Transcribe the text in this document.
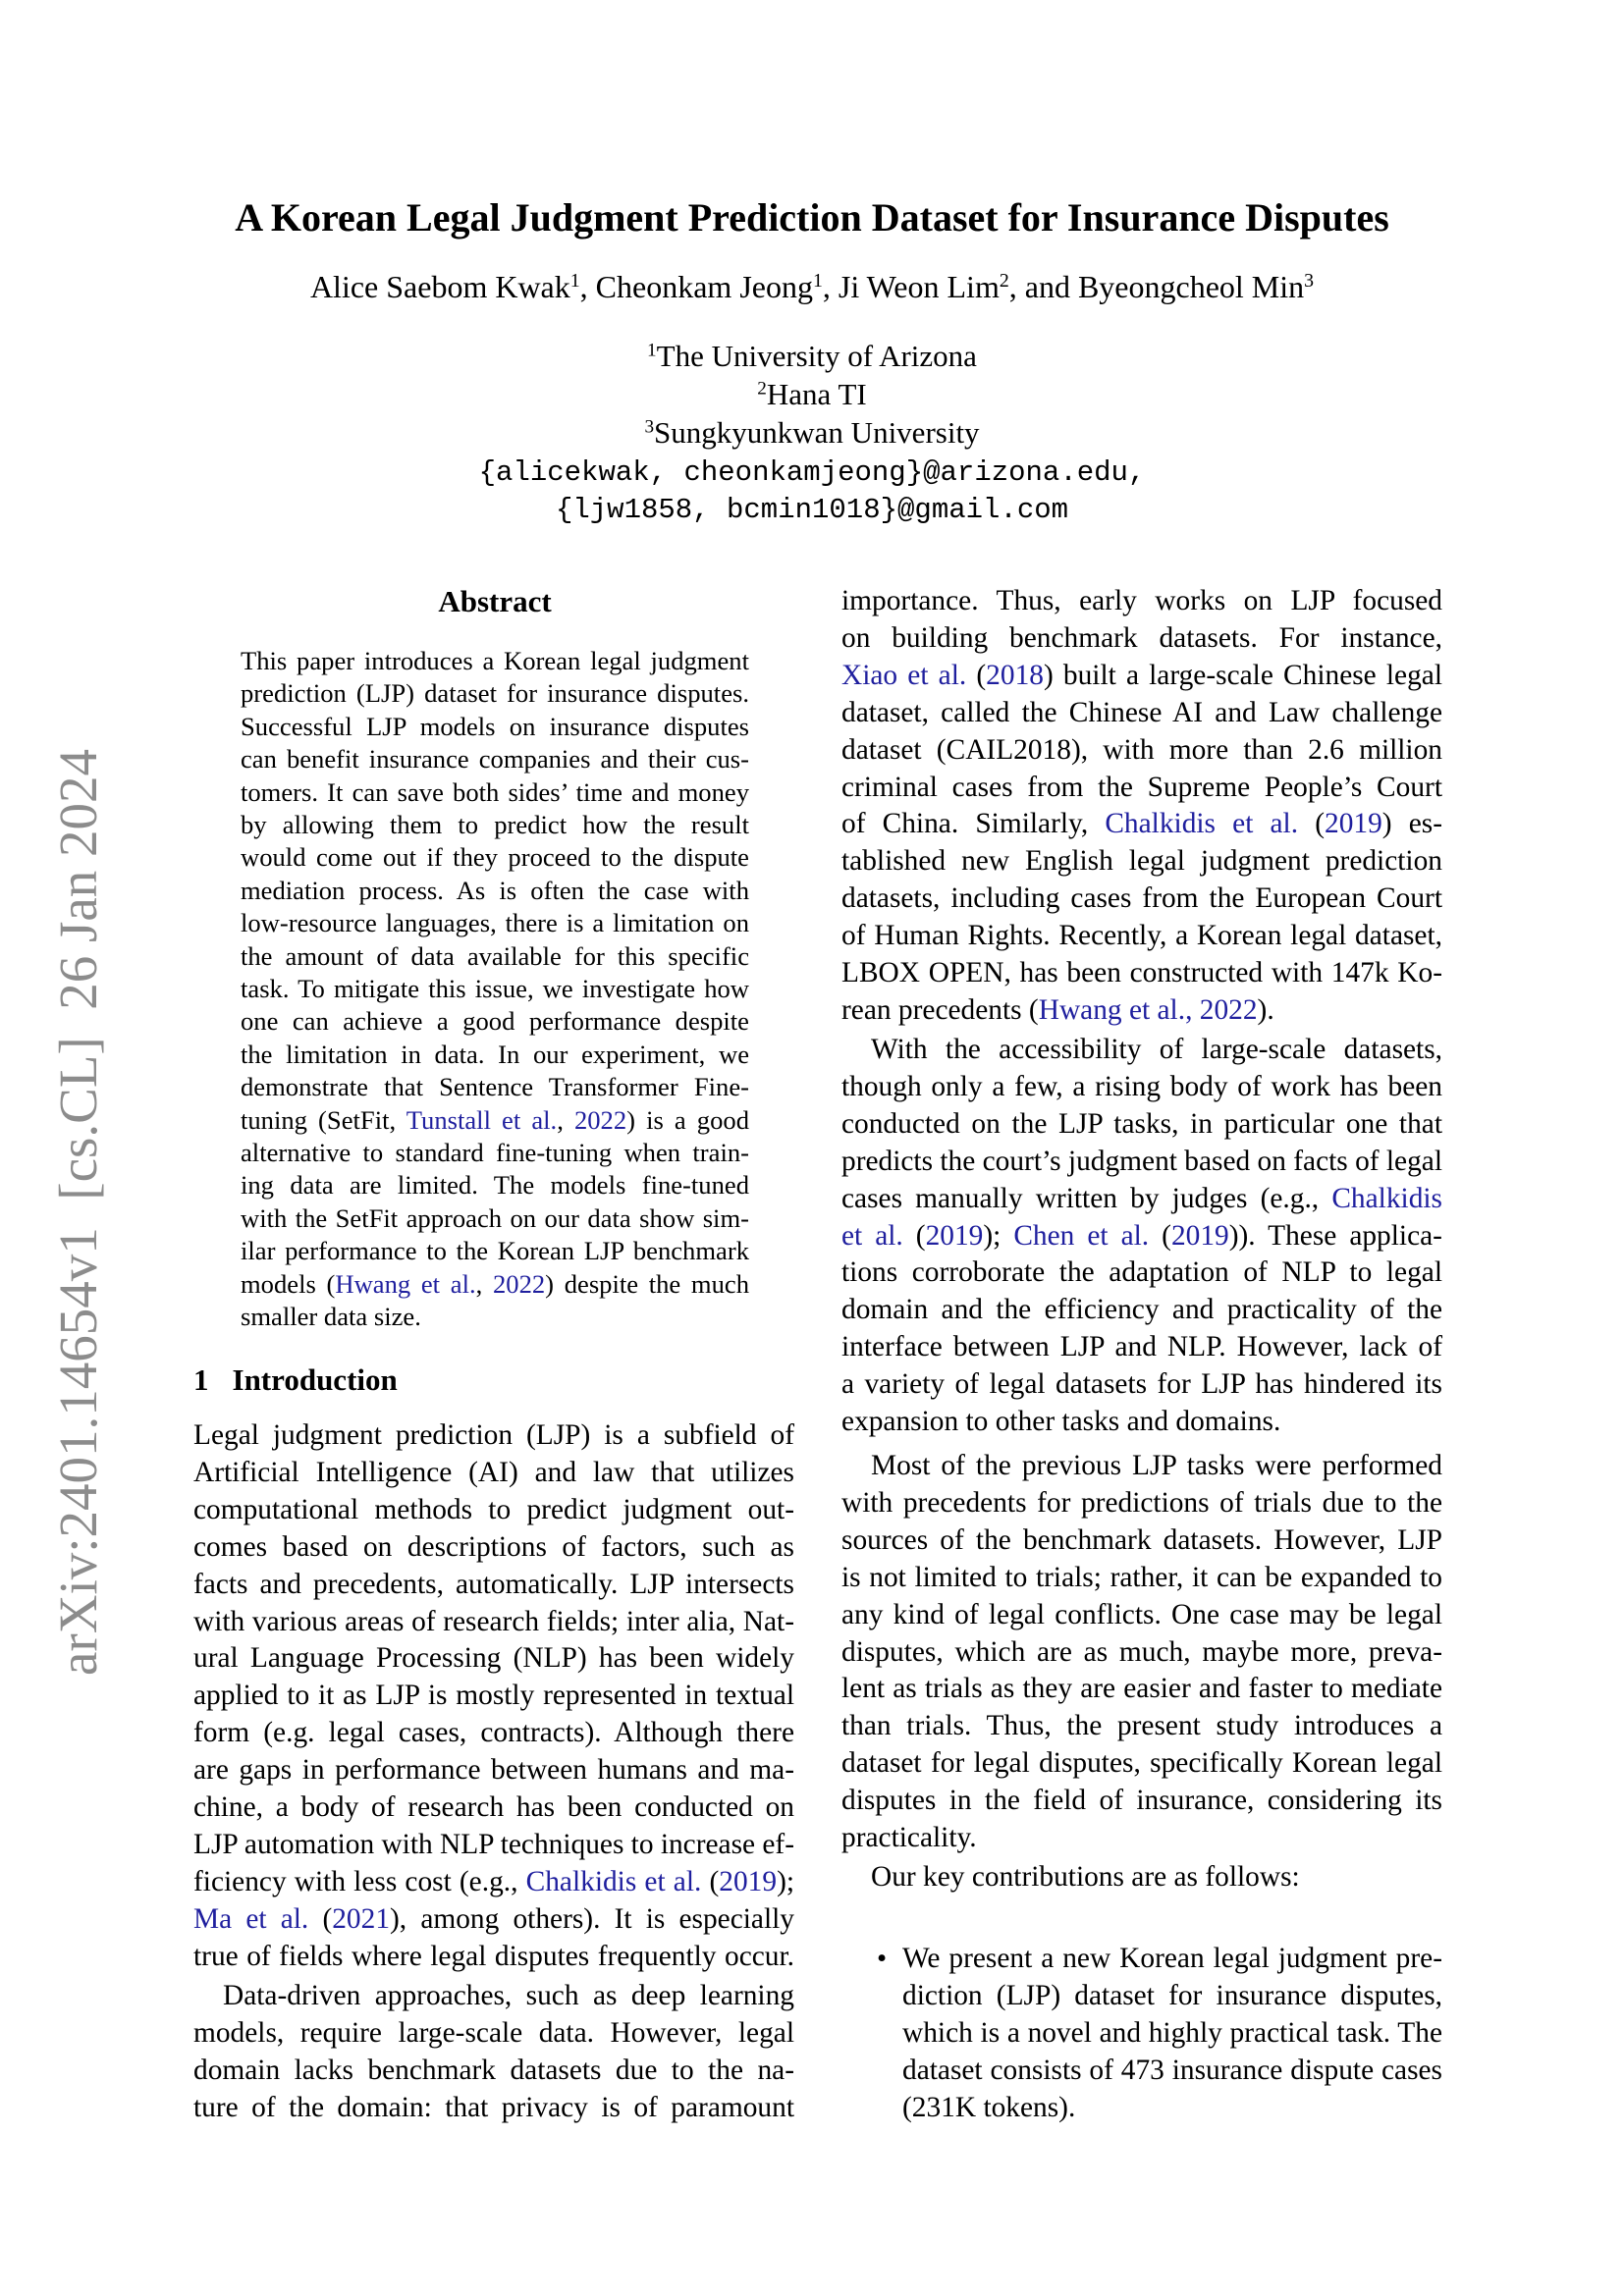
arXiv:2401.14654v1  [cs.CL]  26 Jan 2024
A Korean Legal Judgment Prediction Dataset for Insurance Disputes
Alice Saebom Kwak$^1$, Cheonkam Jeong$^1$, Ji Weon Lim$^2$, and Byeongcheol Min$^3$
$^1$The University of Arizona
$^2$Hana TI
$^3$Sungkyunkwan University
{alicekwak, cheonkamjeong}@arizona.edu,
{ljw1858, bcmin1018}@gmail.com
Abstract
This paper introduces a Korean legal judgment
prediction (LJP) dataset for insurance disputes.
Successful LJP models on insurance disputes
can benefit insurance companies and their cus-
tomers. It can save both sides’ time and money
by allowing them to predict how the result
would come out if they proceed to the dispute
mediation process. As is often the case with
low-resource languages, there is a limitation on
the amount of data available for this specific
task. To mitigate this issue, we investigate how
one can achieve a good performance despite
the limitation in data. In our experiment, we
demonstrate that Sentence Transformer Fine-
tuning (SetFit, Tunstall et al., 2022) is a good
alternative to standard fine-tuning when train-
ing data are limited. The models fine-tuned
with the SetFit approach on our data show sim-
ilar performance to the Korean LJP benchmark
models (Hwang et al., 2022) despite the much
smaller data size.
1 Introduction
Legal judgment prediction (LJP) is a subfield of
Artificial Intelligence (AI) and law that utilizes
computational methods to predict judgment out-
comes based on descriptions of factors, such as
facts and precedents, automatically. LJP intersects
with various areas of research fields; inter alia, Nat-
ural Language Processing (NLP) has been widely
applied to it as LJP is mostly represented in textual
form (e.g. legal cases, contracts). Although there
are gaps in performance between humans and ma-
chine, a body of research has been conducted on
LJP automation with NLP techniques to increase ef-
ficiency with less cost (e.g., Chalkidis et al. (2019);
Ma et al. (2021), among others). It is especially
true of fields where legal disputes frequently occur.
Data-driven approaches, such as deep learning
models, require large-scale data. However, legal
domain lacks benchmark datasets due to the na-
ture of the domain: that privacy is of paramount
importance. Thus, early works on LJP focused
on building benchmark datasets. For instance,
Xiao et al. (2018) built a large-scale Chinese legal
dataset, called the Chinese AI and Law challenge
dataset (CAIL2018), with more than 2.6 million
criminal cases from the Supreme People’s Court
of China. Similarly, Chalkidis et al. (2019) es-
tablished new English legal judgment prediction
datasets, including cases from the European Court
of Human Rights. Recently, a Korean legal dataset,
LBOX OPEN, has been constructed with 147k Ko-
rean precedents (Hwang et al., 2022).
With the accessibility of large-scale datasets,
though only a few, a rising body of work has been
conducted on the LJP tasks, in particular one that
predicts the court’s judgment based on facts of legal
cases manually written by judges (e.g., Chalkidis
et al. (2019); Chen et al. (2019)). These applica-
tions corroborate the adaptation of NLP to legal
domain and the efficiency and practicality of the
interface between LJP and NLP. However, lack of
a variety of legal datasets for LJP has hindered its
expansion to other tasks and domains.
Most of the previous LJP tasks were performed
with precedents for predictions of trials due to the
sources of the benchmark datasets. However, LJP
is not limited to trials; rather, it can be expanded to
any kind of legal conflicts. One case may be legal
disputes, which are as much, maybe more, preva-
lent as trials as they are easier and faster to mediate
than trials. Thus, the present study introduces a
dataset for legal disputes, specifically Korean legal
disputes in the field of insurance, considering its
practicality.
Our key contributions are as follows:
• We present a new Korean legal judgment pre-
diction (LJP) dataset for insurance disputes,
which is a novel and highly practical task. The
dataset consists of 473 insurance dispute cases
(231K tokens).
